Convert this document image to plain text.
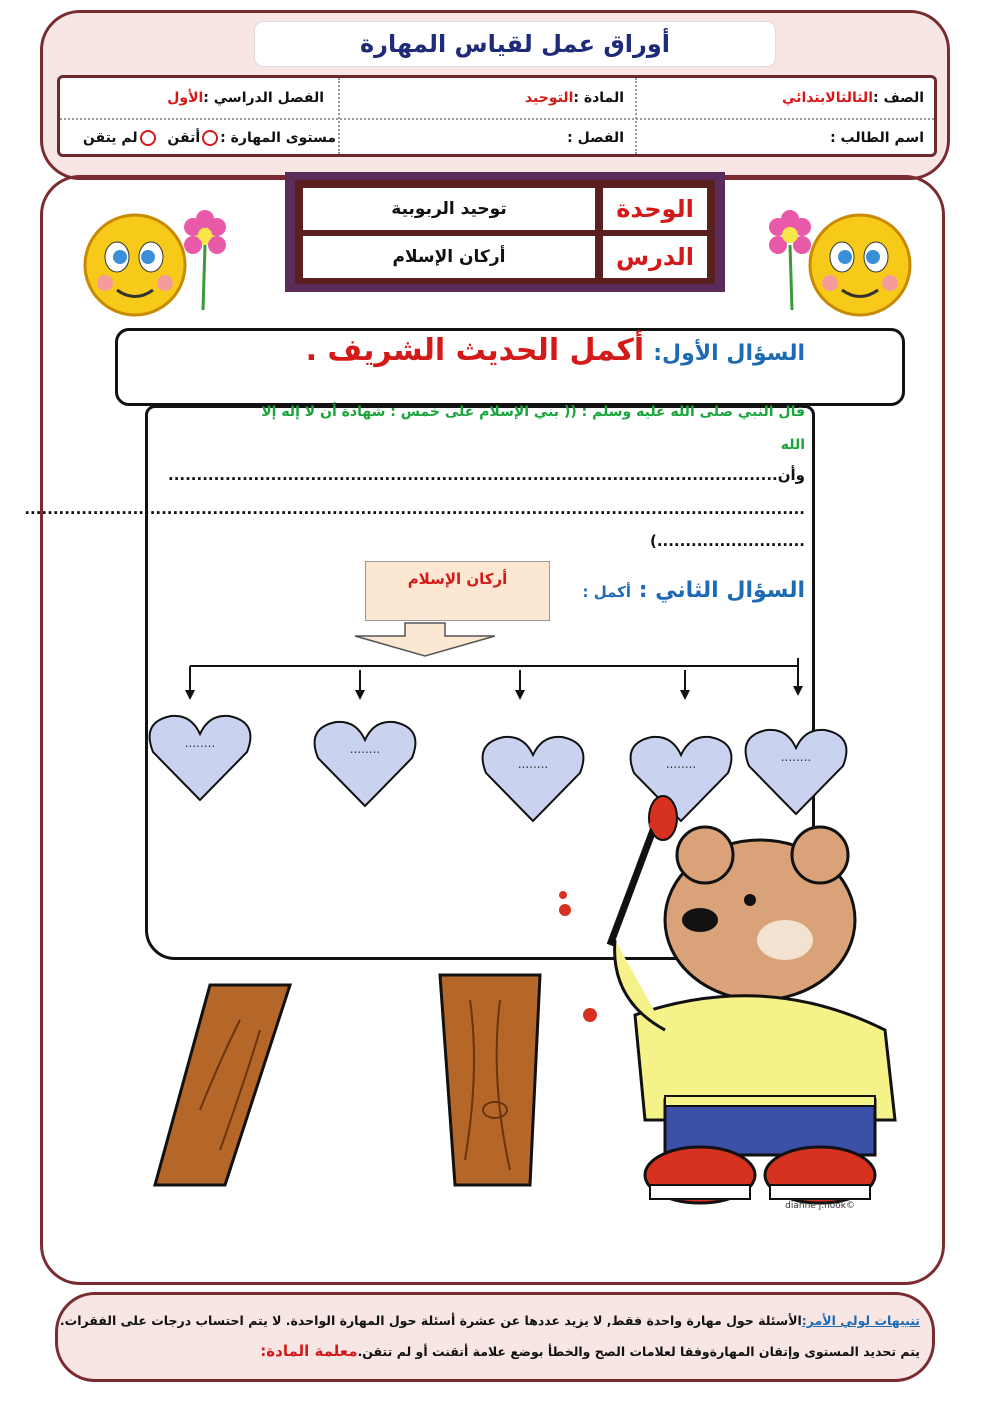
أوراق عمل لقياس المهارة
الصف :الثالثالابتدائي
المادة :التوحيد
الفصل الدراسي :الأول
اسم الطالب :
الفصل :
مستوى المهارة :أتقن  لم يتقن
الوحدة
توحيد الربوبية
الدرس
أركان الإسلام
السؤال الأول: أكمل الحديث الشريف .
قال النبي صلى الله عليه وسلم : (( بني الإسلام على خمس : شهادة أن لا إله إلا
الله
وأن...........................................................................................................
.........................................................................................................................................
..........................)
السؤال الثاني : أكمل :
أركان الإسلام
........	........
........	........	........
©dianne j.hook
تنبيهات لولي الأمر:الأسئلة حول مهارة واحدة فقط, لا يزيد عددها عن عشرة أسئلة حول المهارة الواحدة. لا يتم احتساب درجات على الفقرات.
يتم تحديد المستوى وإتقان المهارةوفقا لعلامات الصح والخطأ بوضع علامة أتقنت أو لم تتقن.معلمة المادة:
